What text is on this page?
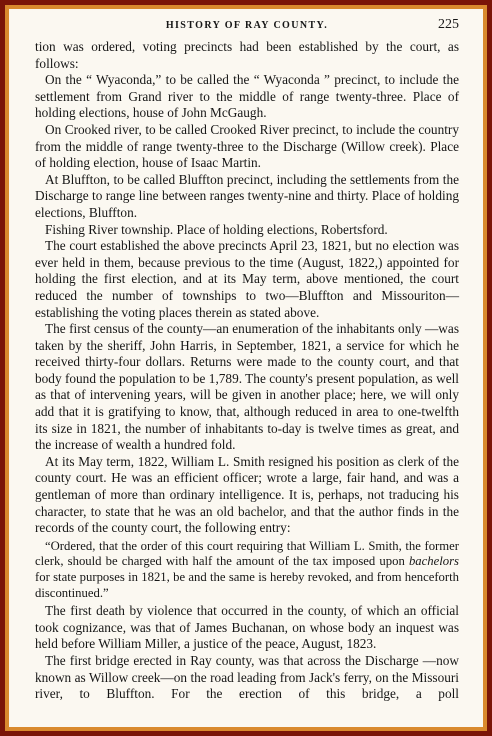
HISTORY OF RAY COUNTY.	225

tion was ordered, voting precincts had been established by the court, as follows:

On the “ Wyaconda,” to be called the “ Wyaconda ” precinct, to include the settlement from Grand river to the middle of range twenty-three. Place of holding elections, house of John McGaugh.

On Crooked river, to be called Crooked River precinct, to include the country from the middle of range twenty-three to the Discharge (Willow creek). Place of holding election, house of Isaac Martin.

At Bluffton, to be called Bluffton precinct, including the settlements from the Discharge to range line between ranges twenty-nine and thirty. Place of holding elections, Bluffton.

Fishing River township. Place of holding elections, Robertsford.

The court established the above precincts April 23, 1821, but no election was ever held in them, because previous to the time (August, 1822,) appointed for holding the first election, and at its May term, above mentioned, the court reduced the number of townships to two—Bluffton and Missouriton—establishing the voting places therein as stated above.

The first census of the county—an enumeration of the inhabitants only —was taken by the sheriff, John Harris, in September, 1821, a service for which he received thirty-four dollars. Returns were made to the county court, and that body found the population to be 1,789. The county's present population, as well as that of intervening years, will be given in another place; here, we will only add that it is gratifying to know, that, although reduced in area to one-twelfth its size in 1821, the number of inhabitants to-day is twelve times as great, and the increase of wealth a hundred fold.

At its May term, 1822, William L. Smith resigned his position as clerk of the county court. He was an efficient officer; wrote a large, fair hand, and was a gentleman of more than ordinary intelligence. It is, perhaps, not traducing his character, to state that he was an old bachelor, and that the author finds in the records of the county court, the following entry:

“Ordered, that the order of this court requiring that William L. Smith, the former clerk, should be charged with half the amount of the tax imposed upon bachelors for state purposes in 1821, be and the same is hereby revoked, and from henceforth discontinued.”

The first death by violence that occurred in the county, of which an official took cognizance, was that of James Buchanan, on whose body an inquest was held before William Miller, a justice of the peace, August, 1823.

The first bridge erected in Ray county, was that across the Discharge —now known as Willow creek—on the road leading from Jack's ferry, on the Missouri river, to Bluffton. For the erection of this bridge, a poll
